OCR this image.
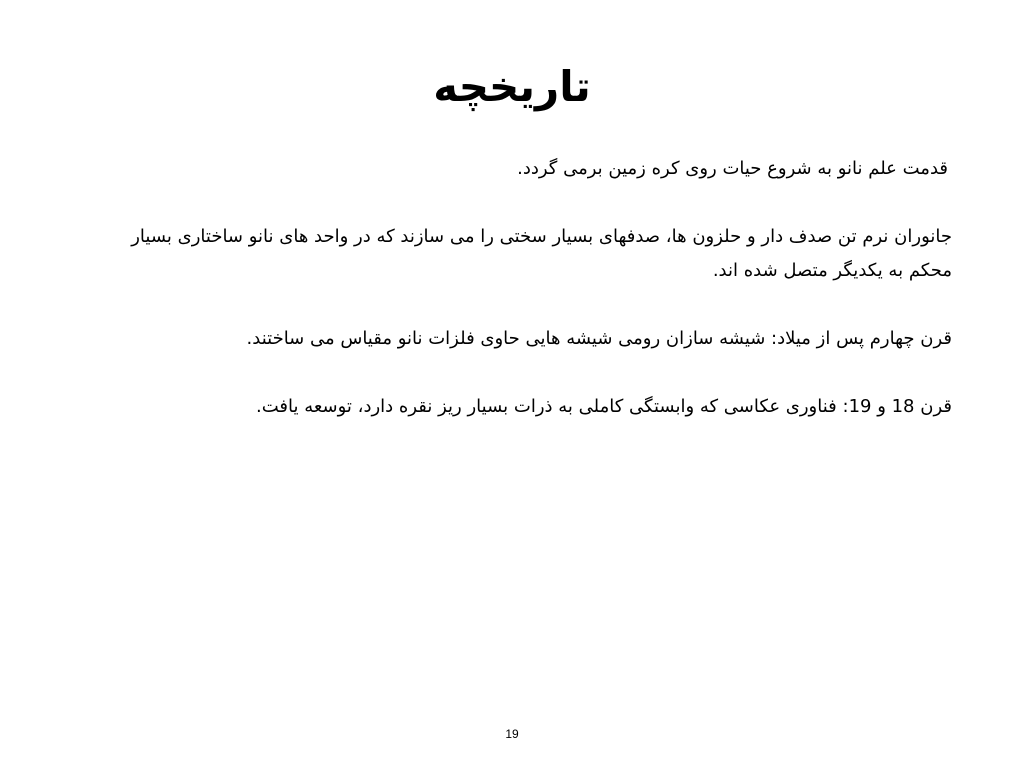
تاریخچه

قدمت علم نانو به شروع حیات روی کره زمین برمی گردد.

جانوران نرم تن صدف دار و حلزون ها، صدفهای بسیار سختی را می سازند که در واحد های نانو ساختاری بسیار محکم به یکدیگر متصل شده اند.

قرن چهارم پس از میلاد: شیشه سازان رومی شیشه هایی حاوی فلزات نانو مقیاس می ساختند.

قرن 18 و 19: فناوری عکاسی که وابستگی کاملی به ذرات بسیار ریز نقره دارد، توسعه یافت.

19
